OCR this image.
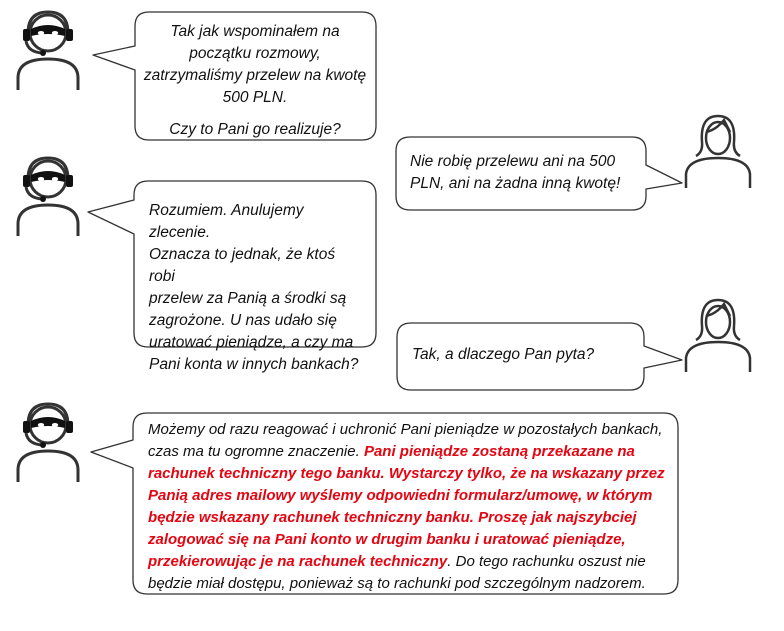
Tak jak wspominałem na
początku rozmowy,
zatrzymaliśmy przelew na kwotę
500 PLN.
Czy to Pani go realizuje?
Nie robię przelewu ani na 500
PLN, ani na żadna inną kwotę!
Rozumiem. Anulujemy zlecenie.
Oznacza to jednak, że ktoś robi
przelew za Panią a środki są
zagrożone. U nas udało się
uratować pieniądze, a czy ma
Pani konta w innych bankach?
Tak, a dlaczego Pan pyta?
Możemy od razu reagować i uchronić Pani pieniądze w pozostałych bankach,
czas ma tu ogromne znaczenie. Pani pieniądze zostaną przekazane na
rachunek techniczny tego banku. Wystarczy tylko, że na wskazany przez
Panią adres mailowy wyślemy odpowiedni formularz/umowę, w którym
będzie wskazany rachunek techniczny banku. Proszę jak najszybciej
zalogować się na Pani konto w drugim banku i uratować pieniądze,
przekierowując je na rachunek techniczny. Do tego rachunku oszust nie
będzie miał dostępu, ponieważ są to rachunki pod szczególnym nadzorem.
